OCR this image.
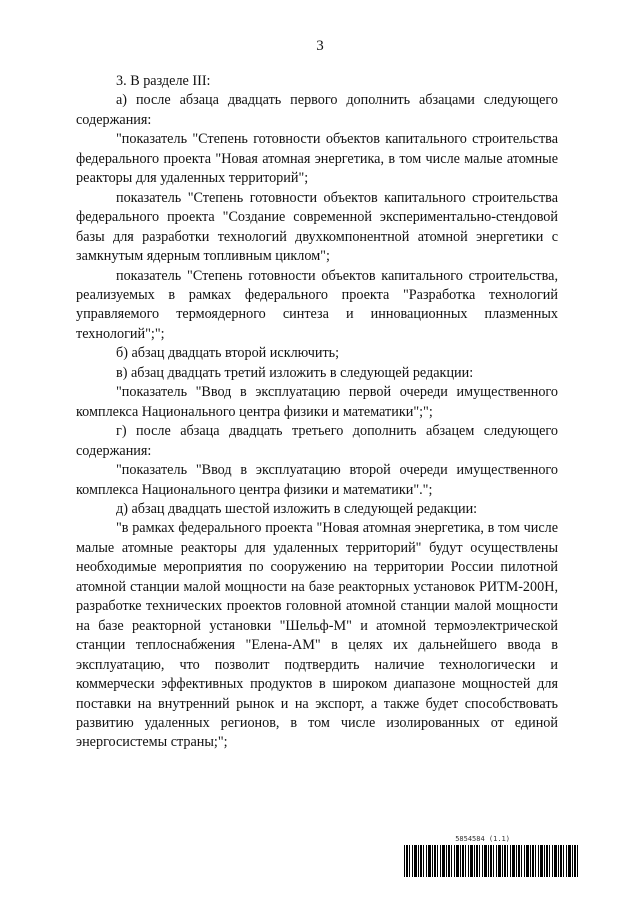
3

3. В разделе III:

а) после абзаца двадцать первого дополнить абзацами следующего содержания:

"показатель "Степень готовности объектов капитального строительства федерального проекта "Новая атомная энергетика, в том числе малые атомные реакторы для удаленных территорий";

показатель "Степень готовности объектов капитального строительства федерального проекта "Создание современной экспериментально-стендовой базы для разработки технологий двухкомпонентной атомной энергетики с замкнутым ядерным топливным циклом";

показатель "Степень готовности объектов капитального строительства, реализуемых в рамках федерального проекта "Разработка технологий управляемого термоядерного синтеза и инновационных плазменных технологий";";

б) абзац двадцать второй исключить;

в) абзац двадцать третий изложить в следующей редакции:

"показатель "Ввод в эксплуатацию первой очереди имущественного комплекса Национального центра физики и математики";";

г) после абзаца двадцать третьего дополнить абзацем следующего содержания:

"показатель "Ввод в эксплуатацию второй очереди имущественного комплекса Национального центра физики и математики".";

д) абзац двадцать шестой изложить в следующей редакции:

"в рамках федерального проекта "Новая атомная энергетика, в том числе малые атомные реакторы для удаленных территорий" будут осуществлены необходимые мероприятия по сооружению на территории России пилотной атомной станции малой мощности на базе реакторных установок РИТМ-200Н, разработке технических проектов головной атомной станции малой мощности на базе реакторной установки "Шельф-М" и атомной термоэлектрической станции теплоснабжения "Елена-АМ" в целях их дальнейшего ввода в эксплуатацию, что позволит подтвердить наличие технологически и коммерчески эффективных продуктов в широком диапазоне мощностей для поставки на внутренний рынок и на экспорт, а также будет способствовать развитию удаленных регионов, в том числе изолированных от единой энергосистемы страны;";

5854584 (1.1)
